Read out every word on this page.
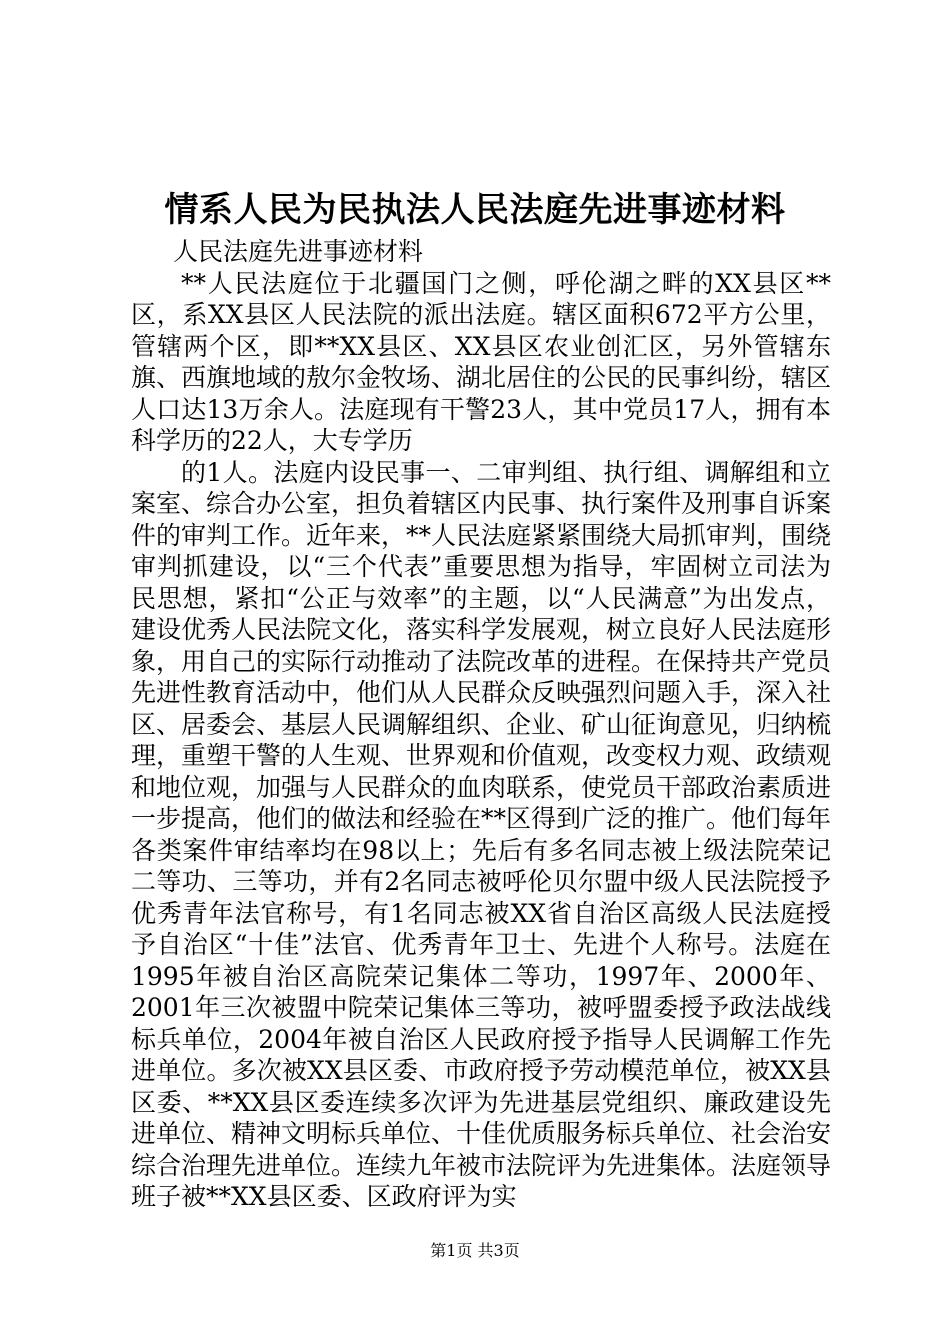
情系人民为民执法人民法庭先进事迹材料

人民法庭先进事迹材料

**人民法庭位于北疆国门之侧，呼伦湖之畔的XX县区**区，系XX县区人民法院的派出法庭。辖区面积672平方公里，管辖两个区，即**XX县区、XX县区农业创汇区，另外管辖东旗、西旗地域的敖尔金牧场、湖北居住的公民的民事纠纷，辖区人口达13万余人。法庭现有干警23人，其中党员17人，拥有本科学历的22人，大专学历

的1人。法庭内设民事一、二审判组、执行组、调解组和立案室、综合办公室，担负着辖区内民事、执行案件及刑事自诉案件的审判工作。近年来，**人民法庭紧紧围绕大局抓审判，围绕审判抓建设，以“三个代表”重要思想为指导，牢固树立司法为民思想，紧扣“公正与效率”的主题，以“人民满意”为出发点，建设优秀人民法院文化，落实科学发展观，树立良好人民法庭形象，用自己的实际行动推动了法院改革的进程。在保持共产党员先进性教育活动中，他们从人民群众反映强烈问题入手，深入社区、居委会、基层人民调解组织、企业、矿山征询意见，归纳梳理，重塑干警的人生观、世界观和价值观，改变权力观、政绩观和地位观，加强与人民群众的血肉联系，使党员干部政治素质进一步提高，他们的做法和经验在**区得到广泛的推广。他们每年各类案件审结率均在98以上；先后有多名同志被上级法院荣记二等功、三等功，并有2名同志被呼伦贝尔盟中级人民法院授予优秀青年法官称号，有1名同志被XX省自治区高级人民法庭授予自治区“十佳”法官、优秀青年卫士、先进个人称号。法庭在1995年被自治区高院荣记集体二等功，1997年、2000年、2001年三次被盟中院荣记集体三等功，被呼盟委授予政法战线标兵单位，2004年被自治区人民政府授予指导人民调解工作先进单位。多次被XX县区委、市政府授予劳动模范单位，被XX县区委、**XX县区委连续多次评为先进基层党组织、廉政建设先进单位、精神文明标兵单位、十佳优质服务标兵单位、社会治安综合治理先进单位。连续九年被市法院评为先进集体。法庭领导班子被**XX县区委、区政府评为实

第1页 共3页
